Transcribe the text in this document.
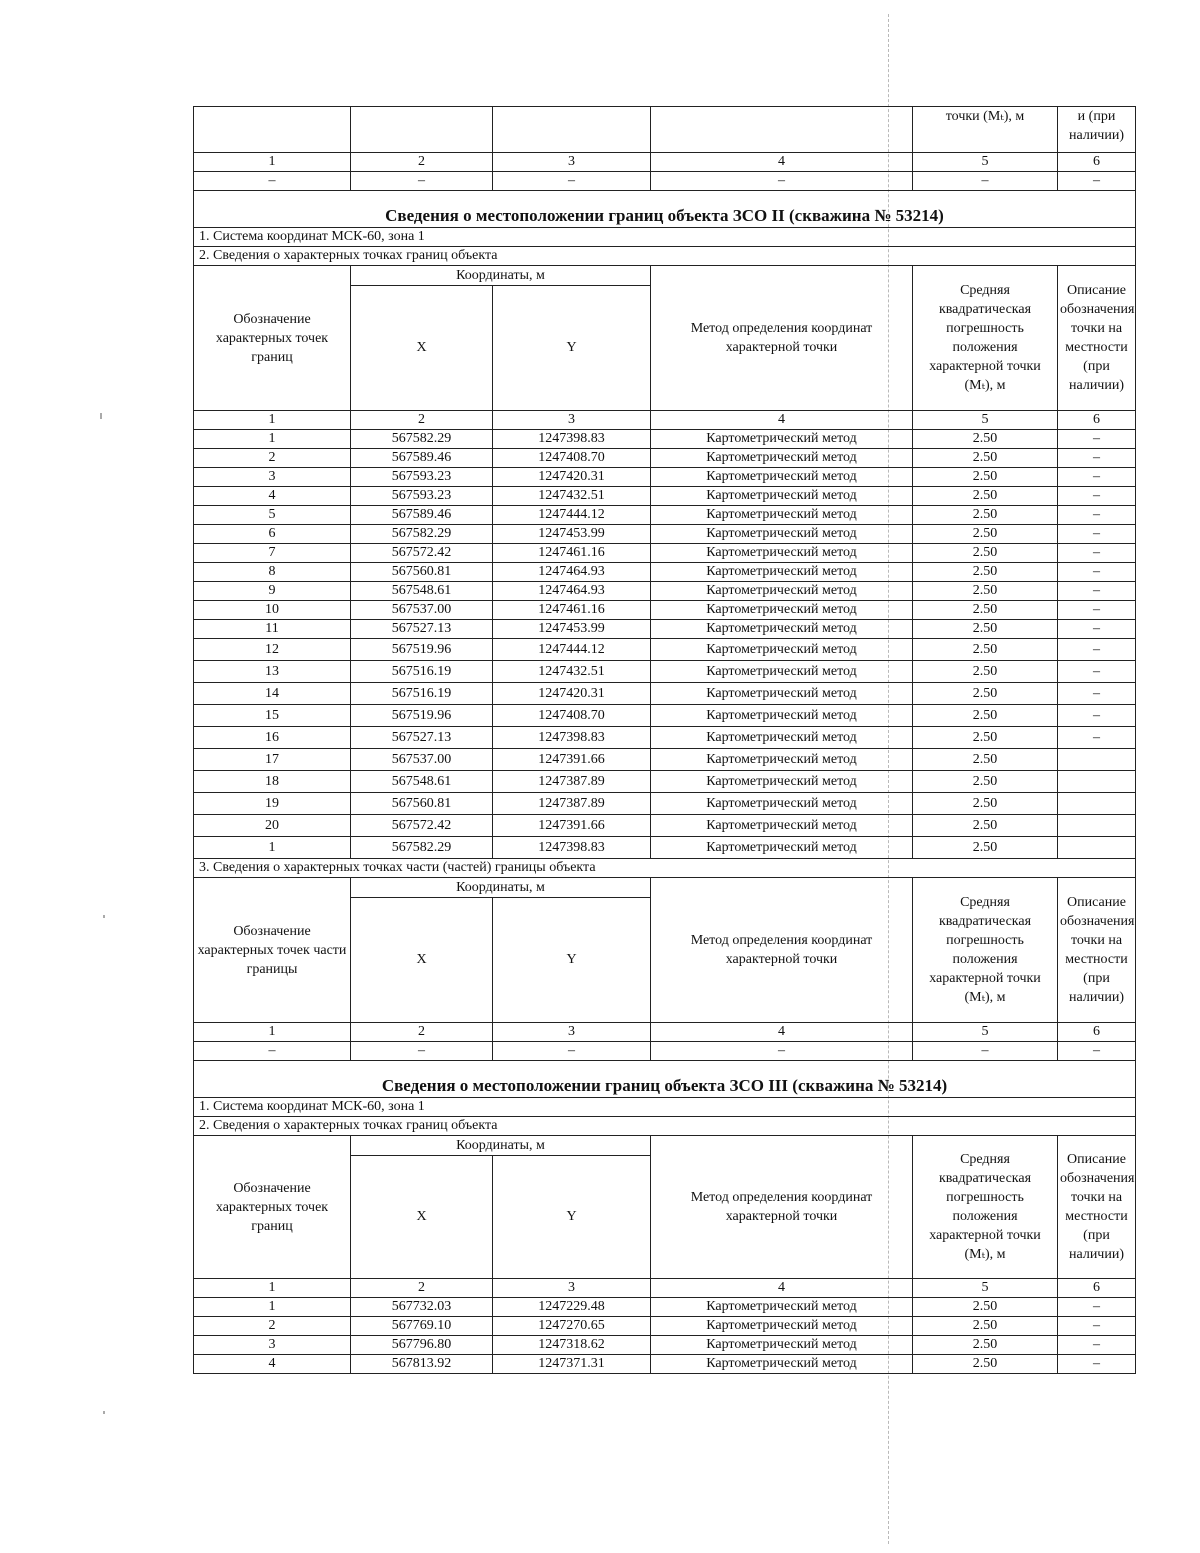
				точки (Mₜ), м	и (при наличии)
1	2	3	4	5	6
–	–	–	–	–	–
Сведения о местоположении границ объекта ЗСО II (скважина № 53214)					
1. Система координат МСК-60, зона 1					
2. Сведения о характерных точках границ объекта					
Обозначение характерных точек границ	Координаты, м		Метод определения координат характерной точки	Средняя квадратическая погрешность положения характерной точки (Mₜ), м	Описание обозначения точки на местности (при наличии)
	X	Y			
1	2	3	4	5	6
1	567582.29	1247398.83	Картометрический метод	2.50	–
2	567589.46	1247408.70	Картометрический метод	2.50	–
3	567593.23	1247420.31	Картометрический метод	2.50	–
4	567593.23	1247432.51	Картометрический метод	2.50	–
5	567589.46	1247444.12	Картометрический метод	2.50	–
6	567582.29	1247453.99	Картометрический метод	2.50	–
7	567572.42	1247461.16	Картометрический метод	2.50	–
8	567560.81	1247464.93	Картометрический метод	2.50	–
9	567548.61	1247464.93	Картометрический метод	2.50	–
10	567537.00	1247461.16	Картометрический метод	2.50	–
11	567527.13	1247453.99	Картометрический метод	2.50	–
12	567519.96	1247444.12	Картометрический метод	2.50	–
13	567516.19	1247432.51	Картометрический метод	2.50	–
14	567516.19	1247420.31	Картометрический метод	2.50	–
15	567519.96	1247408.70	Картометрический метод	2.50	–
16	567527.13	1247398.83	Картометрический метод	2.50	–
17	567537.00	1247391.66	Картометрический метод	2.50	
18	567548.61	1247387.89	Картометрический метод	2.50	
19	567560.81	1247387.89	Картометрический метод	2.50	
20	567572.42	1247391.66	Картометрический метод	2.50	
1	567582.29	1247398.83	Картометрический метод	2.50	
3. Сведения о характерных точках части (частей) границы объекта					
Обозначение характерных точек части границы	Координаты, м		Метод определения координат характерной точки	Средняя квадратическая погрешность положения характерной точки (Mₜ), м	Описание обозначения точки на местности (при наличии)
	X	Y			
1	2	3	4	5	6
–	–	–	–	–	–
Сведения о местоположении границ объекта ЗСО III (скважина № 53214)					
1. Система координат МСК-60, зона 1					
2. Сведения о характерных точках границ объекта					
Обозначение характерных точек границ	Координаты, м		Метод определения координат характерной точки	Средняя квадратическая погрешность положения характерной точки (Mₜ), м	Описание обозначения точки на местности (при наличии)
	X	Y			
1	2	3	4	5	6
1	567732.03	1247229.48	Картометрический метод	2.50	–
2	567769.10	1247270.65	Картометрический метод	2.50	–
3	567796.80	1247318.62	Картометрический метод	2.50	–
4	567813.92	1247371.31	Картометрический метод	2.50	–
